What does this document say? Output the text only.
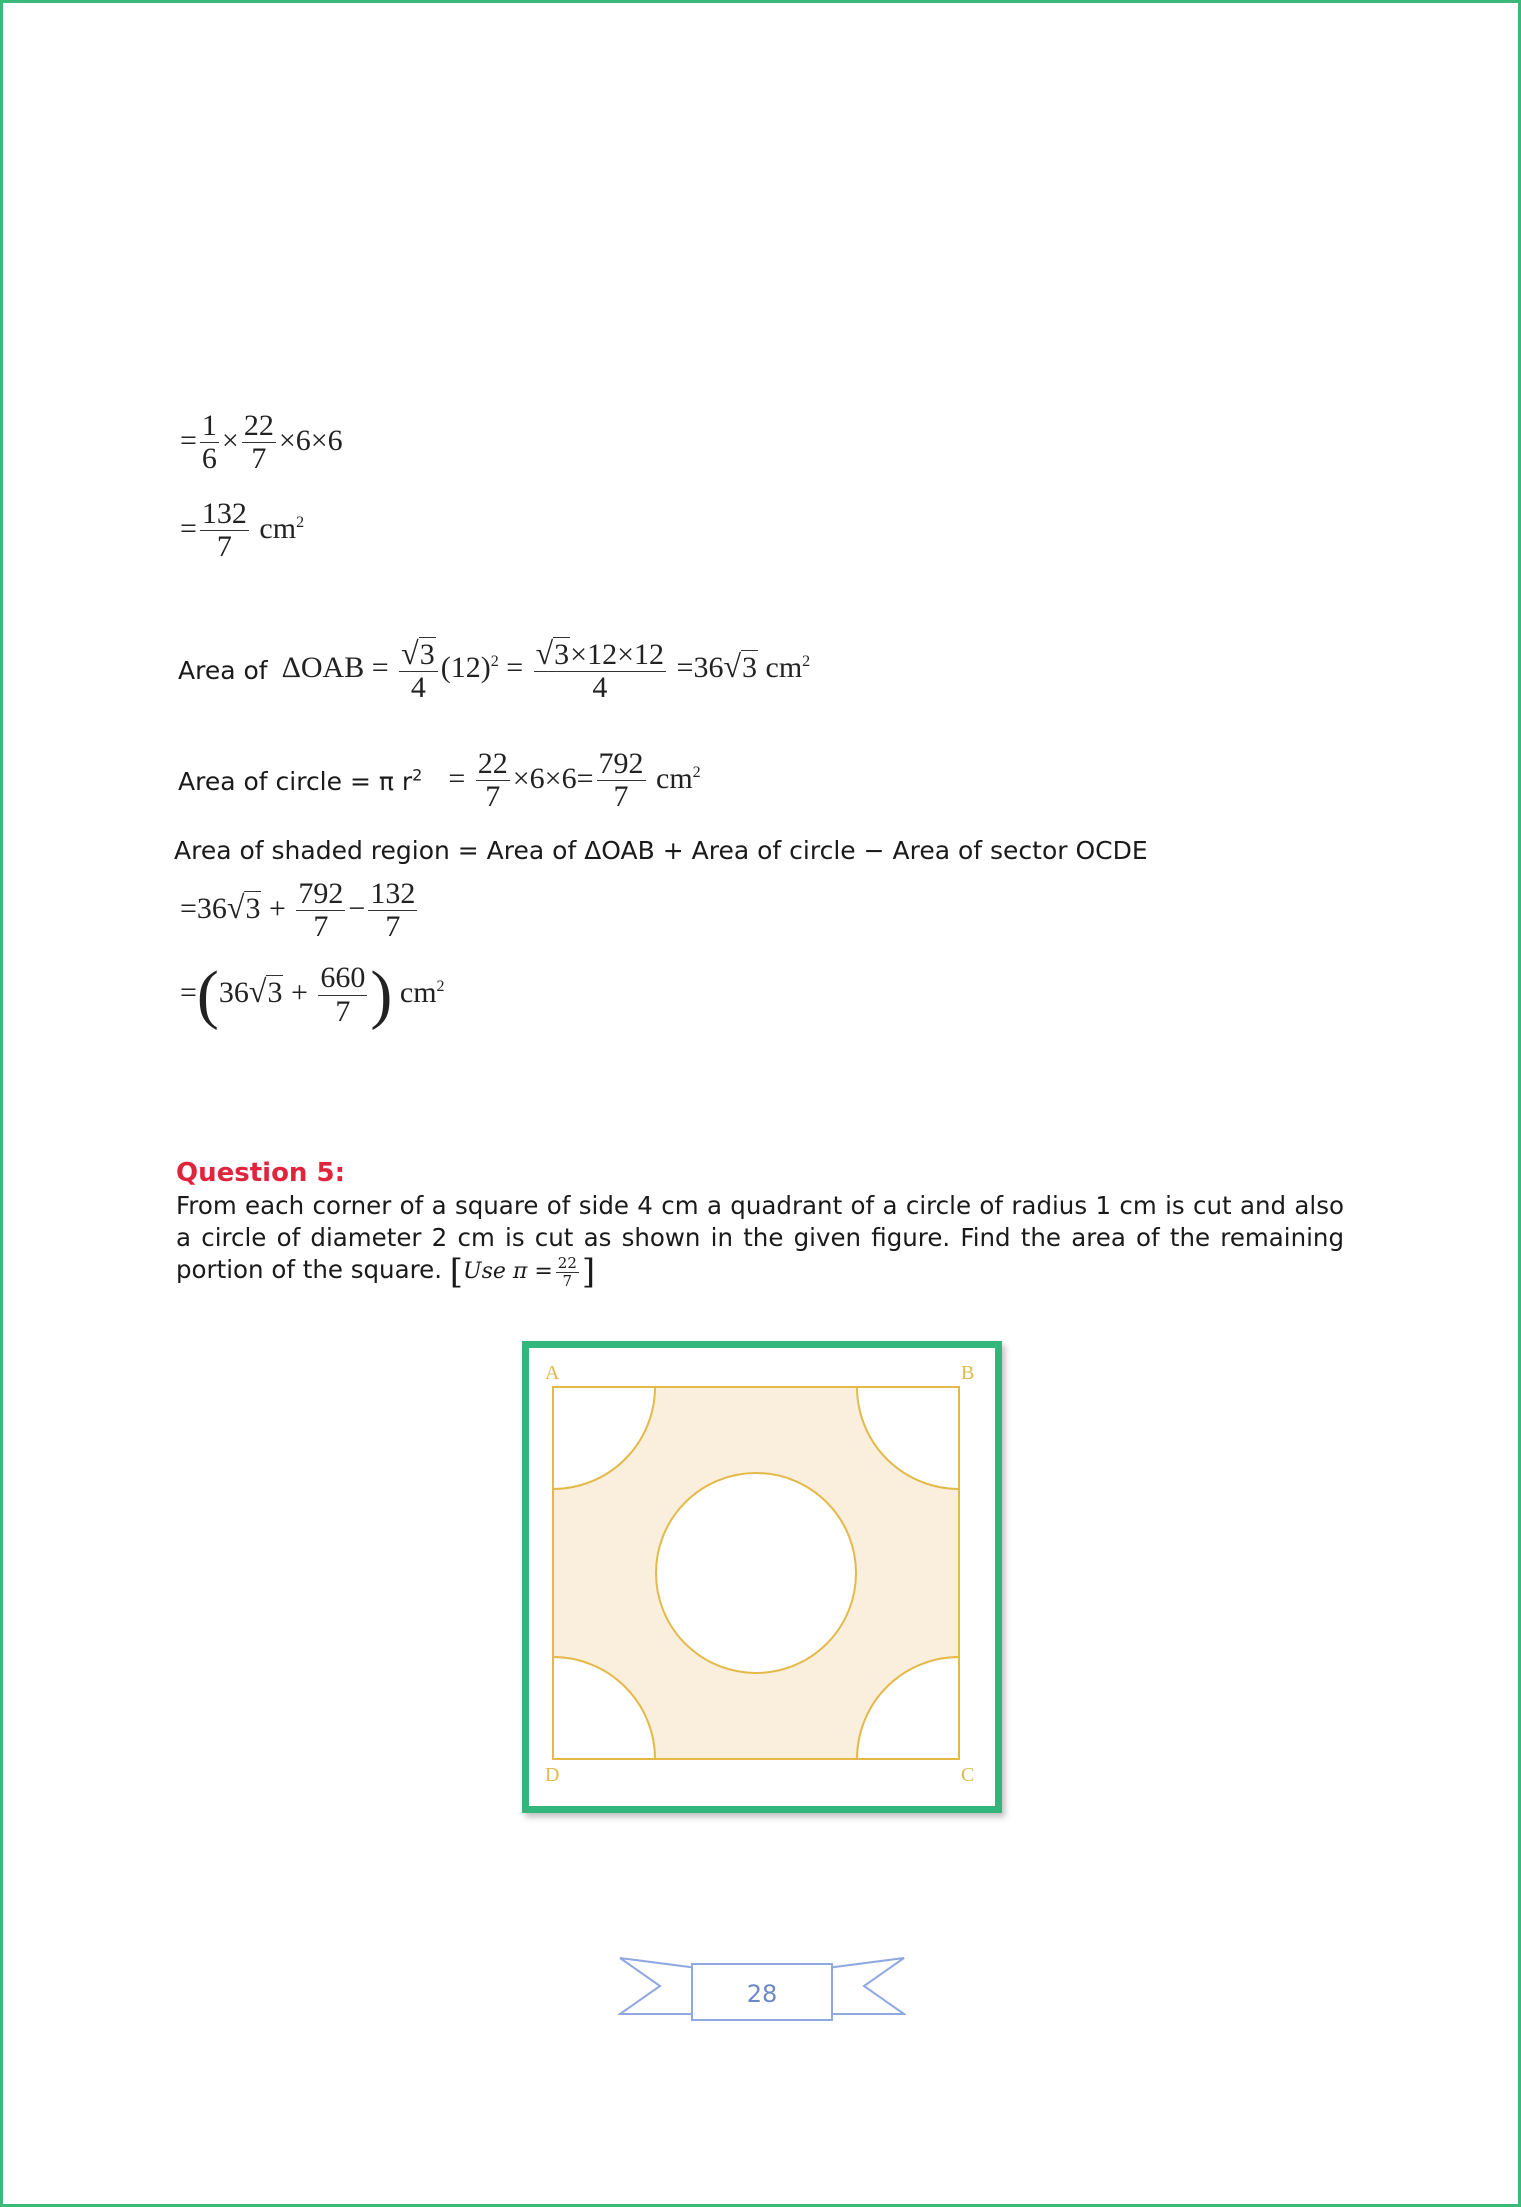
= $\frac{1}{6} \times \frac{22}{7} \times 6\times 6$
= $\frac{132}{7} cm^2$
Area of $\Delta OAB = \frac{√3}{4} (12)^2 = \frac{√3\times 12\times 12}{4} =36√3$ $cm^2$
Area of circle = π $r^2 = \frac{22}{7} \times 6\times 6= \frac{792}{7} cm^2$
Area of shaded region = Area of ΔOAB + Area of circle − Area of sector OCDE
$=36√3 + \frac{792}{7} - \frac{132}{7}$
$=(36√3 + \frac{660}{7}$ ) $cm^2$
Question 5:
From each corner of a square of side 4 cm a quadrant of a circle of radius 1 cm is cut and also a circle of diameter 2 cm is cut as shown in the given figure. Find the area of the remaining portion of the square. [Use $\pi = \frac{22}{7}$ ]
A	B
C
D
28
